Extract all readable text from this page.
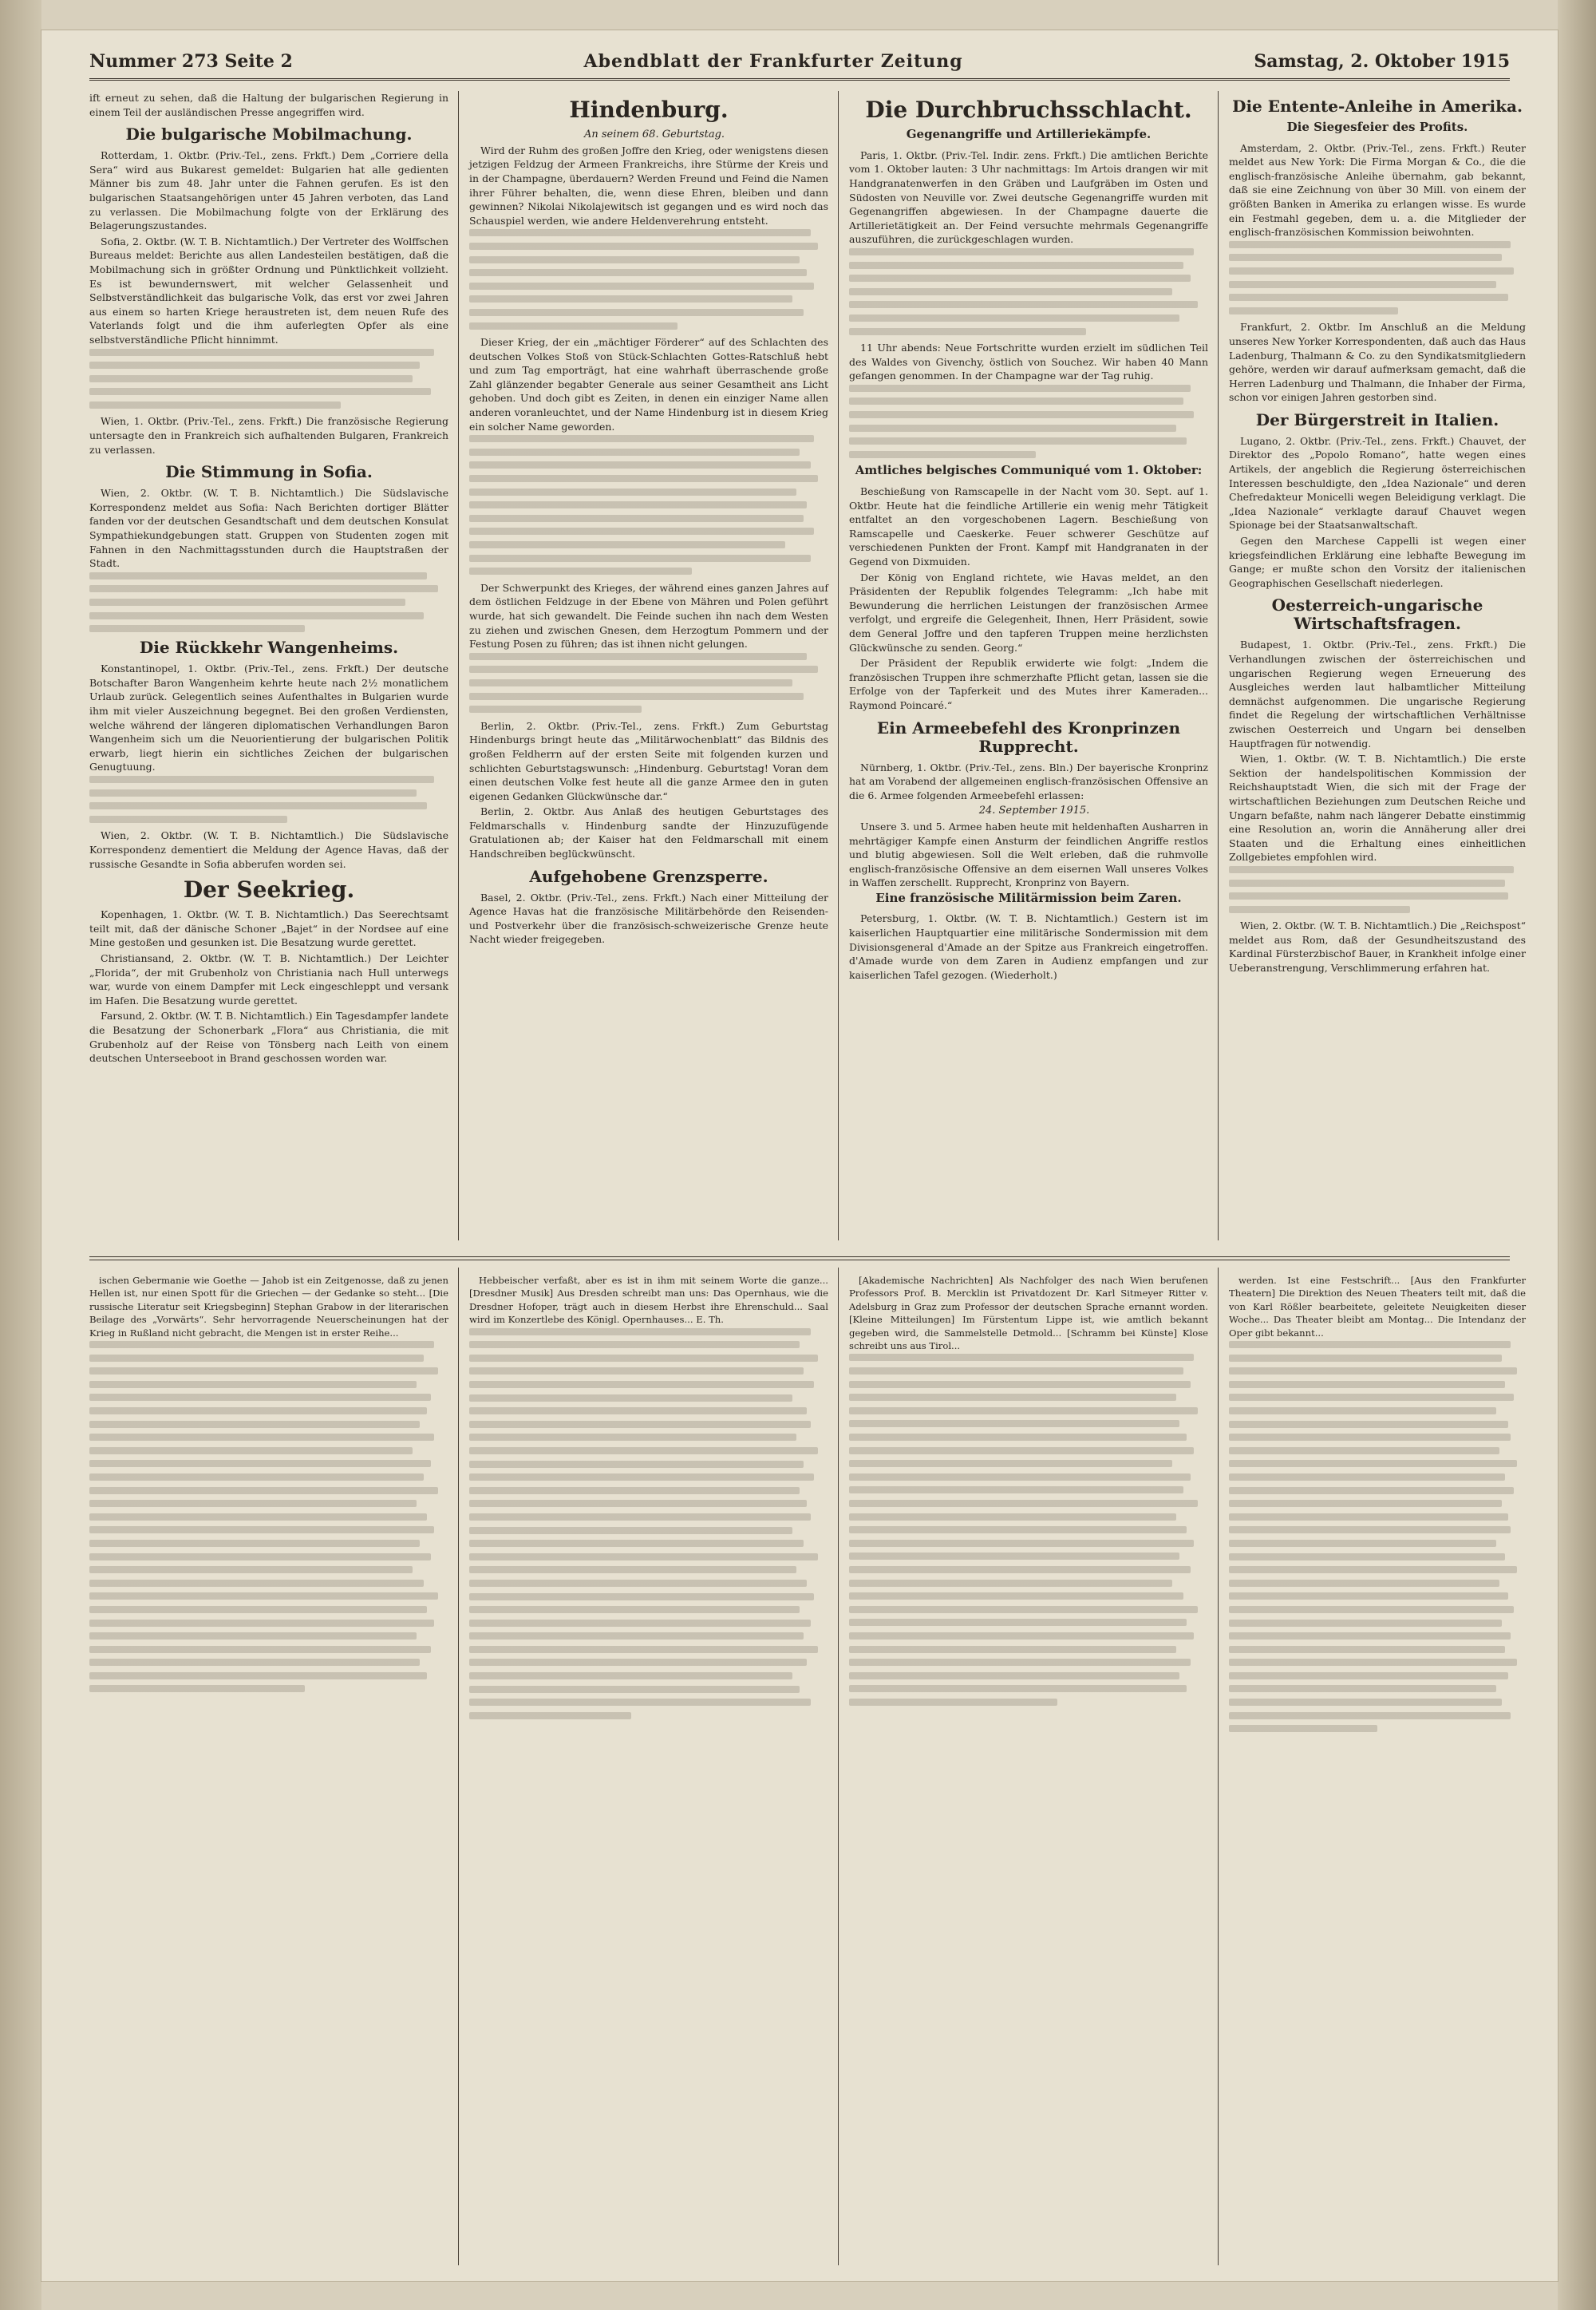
Nummer 273 Seite 2	Abendblatt der Frankfurter Zeitung	Samstag, 2. Oktober 1915

ift erneut zu sehen, daß die Haltung der bulgarischen Regierung in einem Teil der ausländischen Presse angegriffen wird.

Die bulgarische Mobilmachung.

Rotterdam, 1. Oktbr. (Priv.-Tel., zens. Frkft.) Dem „Corriere della Sera“ wird aus Bukarest gemeldet: Bulgarien hat alle gedienten Männer bis zum 48. Jahr unter die Fahnen gerufen. Es ist den bulgarischen Staatsangehörigen unter 45 Jahren verboten, das Land zu verlassen. Die Mobilmachung folgte von der Erklärung des Belagerungszustandes.

Sofia, 2. Oktbr. (W. T. B. Nichtamtlich.) Der Vertreter des Wolffschen Bureaus meldet: Berichte aus allen Landesteilen bestätigen, daß die Mobilmachung sich in größter Ordnung und Pünktlichkeit vollzieht. Es ist bewundernswert, mit welcher Gelassenheit und Selbstverständlichkeit das bulgarische Volk, das erst vor zwei Jahren aus einem so harten Kriege heraustreten ist, dem neuen Rufe des Vaterlands folgt und die ihm auferlegten Opfer als eine selbstverständliche Pflicht hinnimmt.

Wien, 1. Oktbr. (Priv.-Tel., zens. Frkft.) Die französische Regierung untersagte den in Frankreich sich aufhaltenden Bulgaren, Frankreich zu verlassen.

Die Stimmung in Sofia.

Wien, 2. Oktbr. (W. T. B. Nichtamtlich.) Die Südslavische Korrespondenz meldet aus Sofia: Nach Berichten dortiger Blätter fanden vor der deutschen Gesandtschaft und dem deutschen Konsulat Sympathiekundgebungen statt. Gruppen von Studenten zogen mit Fahnen in den Nachmittagsstunden durch die Hauptstraßen der Stadt.

Die Rückkehr Wangenheims.

Konstantinopel, 1. Oktbr. (Priv.-Tel., zens. Frkft.) Der deutsche Botschafter Baron Wangenheim kehrte heute nach 2½ monatlichem Urlaub zurück. Gelegentlich seines Aufenthaltes in Bulgarien wurde ihm mit vieler Auszeichnung begegnet. Bei den großen Verdiensten, welche während der längeren diplomatischen Verhandlungen Baron Wangenheim sich um die Neuorientierung der bulgarischen Politik erwarb, liegt hierin ein sichtliches Zeichen der bulgarischen Genugtuung.

Wien, 2. Oktbr. (W. T. B. Nichtamtlich.) Die Südslavische Korrespondenz dementiert die Meldung der Agence Havas, daß der russische Gesandte in Sofia abberufen worden sei.

Der Seekrieg.

Kopenhagen, 1. Oktbr. (W. T. B. Nichtamtlich.) Das Seerechtsamt teilt mit, daß der dänische Schoner „Bajet“ in der Nordsee auf eine Mine gestoßen und gesunken ist. Die Besatzung wurde gerettet.

Christiansand, 2. Oktbr. (W. T. B. Nichtamtlich.) Der Leichter „Florida“, der mit Grubenholz von Christiania nach Hull unterwegs war, wurde von einem Dampfer mit Leck eingeschleppt und versank im Hafen. Die Besatzung wurde gerettet.

Farsund, 2. Oktbr. (W. T. B. Nichtamtlich.) Ein Tagesdampfer landete die Besatzung der Schonerbark „Flora“ aus Christiania, die mit Grubenholz auf der Reise von Tönsberg nach Leith von einem deutschen Unterseeboot in Brand geschossen worden war.

Hindenburg.

An seinem 68. Geburtstag.

Wird der Ruhm des großen Joffre den Krieg, oder wenigstens diesen jetzigen Feldzug der Armeen Frankreichs, ihre Stürme der Kreis und in der Champagne, überdauern? Werden Freund und Feind die Namen ihrer Führer behalten, die, wenn diese Ehren, bleiben und dann gewinnen? Nikolai Nikolajewitsch ist gegangen und es wird noch das Schauspiel werden, wie andere Heldenverehrung entsteht.

Dieser Krieg, der ein „mächtiger Förderer“ auf des Schlachten des deutschen Volkes Stoß von Stück-Schlachten Gottes-Ratschluß hebt und zum Tag emporträgt, hat eine wahrhaft überraschende große Zahl glänzender begabter Generale aus seiner Gesamtheit ans Licht gehoben. Und doch gibt es Zeiten, in denen ein einziger Name allen anderen voranleuchtet, und der Name Hindenburg ist in diesem Krieg ein solcher Name geworden.

Der Schwerpunkt des Krieges, der während eines ganzen Jahres auf dem östlichen Feldzuge in der Ebene von Mähren und Polen geführt wurde, hat sich gewandelt. Die Feinde suchen ihn nach dem Westen zu ziehen und zwischen Gnesen, dem Herzogtum Pommern und der Festung Posen zu führen; das ist ihnen nicht gelungen.

Berlin, 2. Oktbr. (Priv.-Tel., zens. Frkft.) Zum Geburtstag Hindenburgs bringt heute das „Militärwochenblatt“ das Bildnis des großen Feldherrn auf der ersten Seite mit folgenden kurzen und schlichten Geburtstagswunsch: „Hindenburg. Geburtstag! Voran dem einen deutschen Volke fest heute all die ganze Armee den in guten eigenen Gedanken Glückwünsche dar.“

Berlin, 2. Oktbr. Aus Anlaß des heutigen Geburtstages des Feldmarschalls v. Hindenburg sandte der Hinzuzufügende Gratulationen ab; der Kaiser hat den Feldmarschall mit einem Handschreiben beglückwünscht.

Aufgehobene Grenzsperre.

Basel, 2. Oktbr. (Priv.-Tel., zens. Frkft.) Nach einer Mitteilung der Agence Havas hat die französische Militärbehörde den Reisenden- und Postverkehr über die französisch-schweizerische Grenze heute Nacht wieder freigegeben.

Die Durchbruchsschlacht.
Gegenangriffe und Artilleriekämpfe.

Paris, 1. Oktbr. (Priv.-Tel. Indir. zens. Frkft.) Die amtlichen Berichte vom 1. Oktober lauten: 3 Uhr nachmittags: Im Artois drangen wir mit Handgranatenwerfen in den Gräben und Laufgräben im Osten und Südosten von Neuville vor. Zwei deutsche Gegenangriffe wurden mit Gegenangriffen abgewiesen. In der Champagne dauerte die Artillerietätigkeit an. Der Feind versuchte mehrmals Gegenangriffe auszuführen, die zurückgeschlagen wurden.

11 Uhr abends: Neue Fortschritte wurden erzielt im südlichen Teil des Waldes von Givenchy, östlich von Souchez. Wir haben 40 Mann gefangen genommen. In der Champagne war der Tag ruhig.

Amtliches belgisches Communiqué vom 1. Oktober:

Beschießung von Ramscapelle in der Nacht vom 30. Sept. auf 1. Oktbr. Heute hat die feindliche Artillerie ein wenig mehr Tätigkeit entfaltet an den vorgeschobenen Lagern. Beschießung von Ramscapelle und Caeskerke. Feuer schwerer Geschütze auf verschiedenen Punkten der Front. Kampf mit Handgranaten in der Gegend von Dixmuiden.

Der König von England richtete, wie Havas meldet, an den Präsidenten der Republik folgendes Telegramm: „Ich habe mit Bewunderung die herrlichen Leistungen der französischen Armee verfolgt, und ergreife die Gelegenheit, Ihnen, Herr Präsident, sowie dem General Joffre und den tapferen Truppen meine herzlichsten Glückwünsche zu senden. Georg.“

Der Präsident der Republik erwiderte wie folgt: „Indem die französischen Truppen ihre schmerzhafte Pflicht getan, lassen sie die Erfolge von der Tapferkeit und des Mutes ihrer Kameraden... Raymond Poincaré.“

Ein Armeebefehl des Kronprinzen Rupprecht.

Nürnberg, 1. Oktbr. (Priv.-Tel., zens. Bln.) Der bayerische Kronprinz hat am Vorabend der allgemeinen englisch-französischen Offensive an die 6. Armee folgenden Armeebefehl erlassen:

24. September 1915.

Unsere 3. und 5. Armee haben heute mit heldenhaften Ausharren in mehrtägiger Kampfe einen Ansturm der feindlichen Angriffe restlos und blutig abgewiesen. Soll die Welt erleben, daß die ruhmvolle englisch-französische Offensive an dem eisernen Wall unseres Volkes in Waffen zerschellt. Rupprecht, Kronprinz von Bayern.

Eine französische Militärmission beim Zaren.

Petersburg, 1. Oktbr. (W. T. B. Nichtamtlich.) Gestern ist im kaiserlichen Hauptquartier eine militärische Sondermission mit dem Divisionsgeneral d'Amade an der Spitze aus Frankreich eingetroffen. d'Amade wurde von dem Zaren in Audienz empfangen und zur kaiserlichen Tafel gezogen. (Wiederholt.)

Die Entente-Anleihe in Amerika.
Die Siegesfeier des Profits.

Amsterdam, 2. Oktbr. (Priv.-Tel., zens. Frkft.) Reuter meldet aus New York: Die Firma Morgan & Co., die die englisch-französische Anleihe übernahm, gab bekannt, daß sie eine Zeichnung von über 30 Mill. von einem der größten Banken in Amerika zu erlangen wisse. Es wurde ein Festmahl gegeben, dem u. a. die Mitglieder der englisch-französischen Kommission beiwohnten.

Frankfurt, 2. Oktbr. Im Anschluß an die Meldung unseres New Yorker Korrespondenten, daß auch das Haus Ladenburg, Thalmann & Co. zu den Syndikatsmitgliedern gehöre, werden wir darauf aufmerksam gemacht, daß die Herren Ladenburg und Thalmann, die Inhaber der Firma, schon vor einigen Jahren gestorben sind.

Der Bürgerstreit in Italien.

Lugano, 2. Oktbr. (Priv.-Tel., zens. Frkft.) Chauvet, der Direktor des „Popolo Romano“, hatte wegen eines Artikels, der angeblich die Regierung österreichischen Interessen beschuldigte, den „Idea Nazionale“ und deren Chefredakteur Monicelli wegen Beleidigung verklagt. Die „Idea Nazionale“ verklagte darauf Chauvet wegen Spionage bei der Staatsanwaltschaft.

Gegen den Marchese Cappelli ist wegen einer kriegsfeindlichen Erklärung eine lebhafte Bewegung im Gange; er mußte schon den Vorsitz der italienischen Geographischen Gesellschaft niederlegen.

Oesterreich-ungarische Wirtschaftsfragen.

Budapest, 1. Oktbr. (Priv.-Tel., zens. Frkft.) Die Verhandlungen zwischen der österreichischen und ungarischen Regierung wegen Erneuerung des Ausgleiches werden laut halbamtlicher Mitteilung demnächst aufgenommen. Die ungarische Regierung findet die Regelung der wirtschaftlichen Verhältnisse zwischen Oesterreich und Ungarn bei denselben Hauptfragen für notwendig.

Wien, 1. Oktbr. (W. T. B. Nichtamtlich.) Die erste Sektion der handelspolitischen Kommission der Reichshauptstadt Wien, die sich mit der Frage der wirtschaftlichen Beziehungen zum Deutschen Reiche und Ungarn befaßte, nahm nach längerer Debatte einstimmig eine Resolution an, worin die Annäherung aller drei Staaten und die Erhaltung eines einheitlichen Zollgebietes empfohlen wird.

Wien, 2. Oktbr. (W. T. B. Nichtamtlich.) Die „Reichspost“ meldet aus Rom, daß der Gesundheitszustand des Kardinal Fürsterzbischof Bauer, in Krankheit infolge einer Ueberanstrengung, Verschlimmerung erfahren hat.

ischen Gebermanie wie Goethe — Jahob ist ein Zeitgenosse, daß zu jenen Hellen ist, nur einen Spott für die Griechen — der Gedanke so steht... [Die russische Literatur seit Kriegsbeginn] Stephan Grabow in der literarischen Beilage des „Vorwärts“. Sehr hervorragende Neuerscheinungen hat der Krieg in Rußland nicht gebracht, die Mengen ist in erster Reihe...

Hebbeischer verfaßt, aber es ist in ihm mit seinem Worte die ganze... [Dresdner Musik] Aus Dresden schreibt man uns: Das Opernhaus, wie die Dresdner Hofoper, trägt auch in diesem Herbst ihre Ehrenschuld... Saal wird im Konzertlebe des Königl. Opernhauses... E. Th.

[Akademische Nachrichten] Als Nachfolger des nach Wien berufenen Professors Prof. B. Mercklin ist Privatdozent Dr. Karl Sitmeyer Ritter v. Adelsburg in Graz zum Professor der deutschen Sprache ernannt worden. [Kleine Mitteilungen] Im Fürstentum Lippe ist, wie amtlich bekannt gegeben wird, die Sammelstelle Detmold... [Schramm bei Künste] Klose schreibt uns aus Tirol...

werden. Ist eine Festschrift... [Aus den Frankfurter Theatern] Die Direktion des Neuen Theaters teilt mit, daß die von Karl Rößler bearbeitete, geleitete Neuigkeiten dieser Woche... Das Theater bleibt am Montag... Die Intendanz der Oper gibt bekannt...
